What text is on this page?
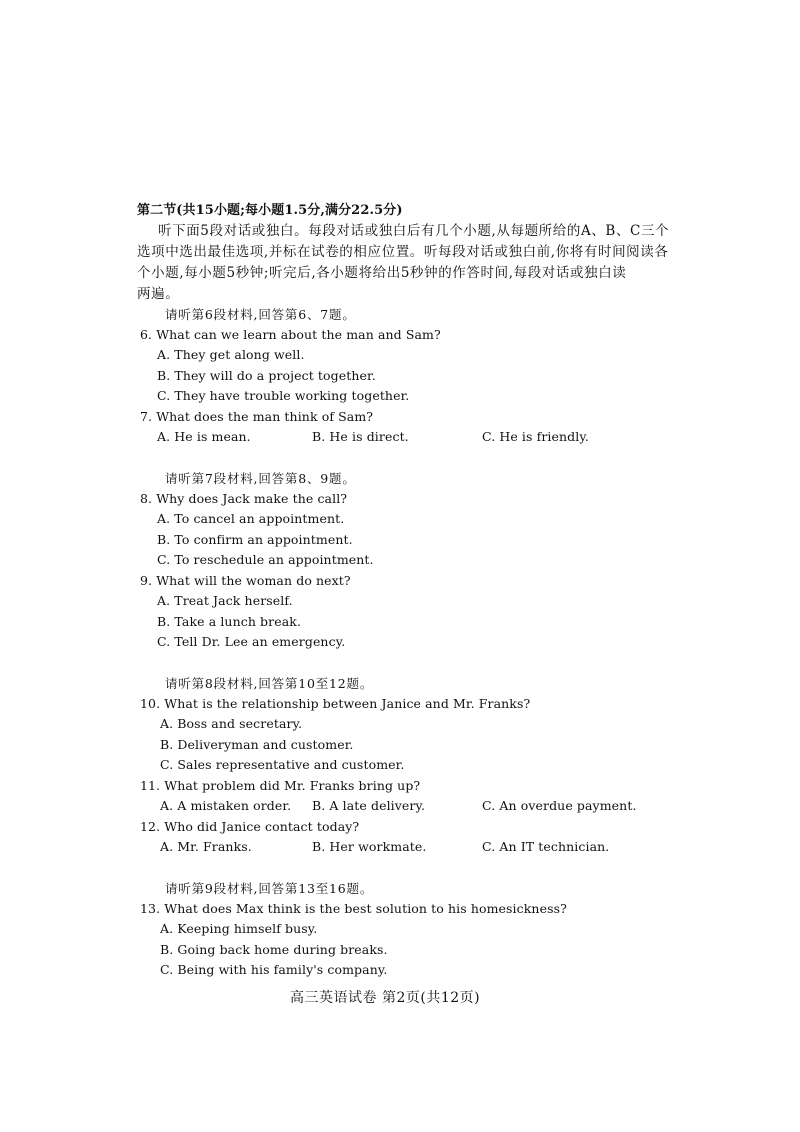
第二节(共15小题;每小题1.5分,满分22.5分)
听下面5段对话或独白。每段对话或独白后有几个小题,从每题所给的A、B、C三个
选项中选出最佳选项,并标在试卷的相应位置。听每段对话或独白前,你将有时间阅读各
个小题,每小题5秒钟;听完后,各小题将给出5秒钟的作答时间,每段对话或独白读
两遍。
请听第6段材料,回答第6、7题。
6. What can we learn about the man and Sam?
A. They get along well.
B. They will do a project together.
C. They have trouble working together.
7. What does the man think of Sam?
A. He is mean.	B. He is direct.	C. He is friendly.
请听第7段材料,回答第8、9题。
8. Why does Jack make the call?
A. To cancel an appointment.
B. To confirm an appointment.
C. To reschedule an appointment.
9. What will the woman do next?
A. Treat Jack herself.
B. Take a lunch break.
C. Tell Dr. Lee an emergency.
请听第8段材料,回答第10至12题。
10. What is the relationship between Janice and Mr. Franks?
A. Boss and secretary.
B. Deliveryman and customer.
C. Sales representative and customer.
11. What problem did Mr. Franks bring up?
A. A mistaken order. B. A late delivery.	C. An overdue payment.
12. Who did Janice contact today?
A. Mr. Franks.	B. Her workmate.	C. An IT technician.
请听第9段材料,回答第13至16题。
13. What does Max think is the best solution to his homesickness?
A. Keeping himself busy.
B. Going back home during breaks.
C. Being with his family's company.
高三英语试卷 第2页(共12页)
